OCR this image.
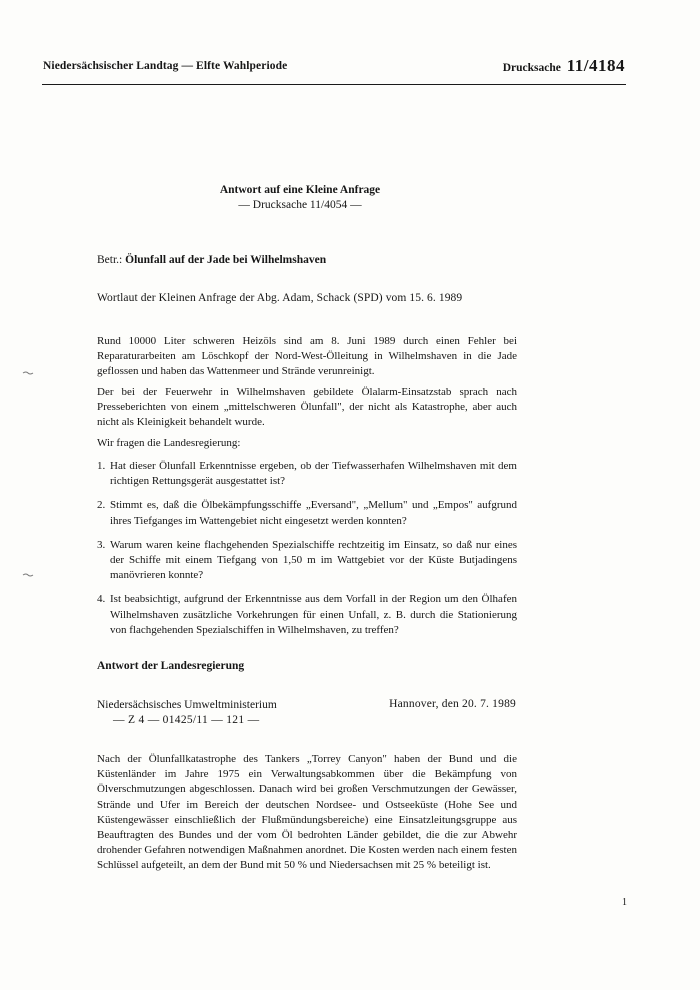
Niedersächsischer Landtag — Elfte Wahlperiode	Drucksache 11/4184
Antwort auf eine Kleine Anfrage
— Drucksache 11/4054 —
Betr.: Ölunfall auf der Jade bei Wilhelmshaven
Wortlaut der Kleinen Anfrage der Abg. Adam, Schack (SPD) vom 15. 6. 1989
Rund 10000 Liter schweren Heizöls sind am 8. Juni 1989 durch einen Fehler bei Reparaturarbeiten am Löschkopf der Nord-West-Ölleitung in Wilhelmshaven in die Jade geflossen und haben das Wattenmeer und Strände verunreinigt.
Der bei der Feuerwehr in Wilhelmshaven gebildete Ölalarm-Einsatzstab sprach nach Presseberichten von einem „mittelschweren Ölunfall", der nicht als Katastrophe, aber auch nicht als Kleinigkeit behandelt wurde.
Wir fragen die Landesregierung:
1. Hat dieser Ölunfall Erkenntnisse ergeben, ob der Tiefwasserhafen Wilhelmshaven mit dem richtigen Rettungsgerät ausgestattet ist?
2. Stimmt es, daß die Ölbekämpfungsschiffe „Eversand", „Mellum" und „Empos" aufgrund ihres Tiefganges im Wattengebiet nicht eingesetzt werden konnten?
3. Warum waren keine flachgehenden Spezialschiffe rechtzeitig im Einsatz, so daß nur eines der Schiffe mit einem Tiefgang von 1,50 m im Wattgebiet vor der Küste Butjadingens manövrieren konnte?
4. Ist beabsichtigt, aufgrund der Erkenntnisse aus dem Vorfall in der Region um den Ölhafen Wilhelmshaven zusätzliche Vorkehrungen für einen Unfall, z. B. durch die Stationierung von flachgehenden Spezialschiffen in Wilhelmshaven, zu treffen?
Antwort der Landesregierung
Niedersächsisches Umweltministerium
— Z 4 — 01425/11 — 121 —
Hannover, den 20. 7. 1989
Nach der Ölunfallkatastrophe des Tankers „Torrey Canyon" haben der Bund und die Küstenländer im Jahre 1975 ein Verwaltungsabkommen über die Bekämpfung von Ölverschmutzungen abgeschlossen. Danach wird bei großen Verschmutzungen der Gewässer, Strände und Ufer im Bereich der deutschen Nordsee- und Ostseeküste (Hohe See und Küstengewässer einschließlich der Flußmündungsbereiche) eine Einsatzleitungsgruppe aus Beauftragten des Bundes und der vom Öl bedrohten Länder gebildet, die die zur Abwehr drohender Gefahren notwendigen Maßnahmen anordnet. Die Kosten werden nach einem festen Schlüssel aufgeteilt, an dem der Bund mit 50 % und Niedersachsen mit 25 % beteiligt ist.
1
